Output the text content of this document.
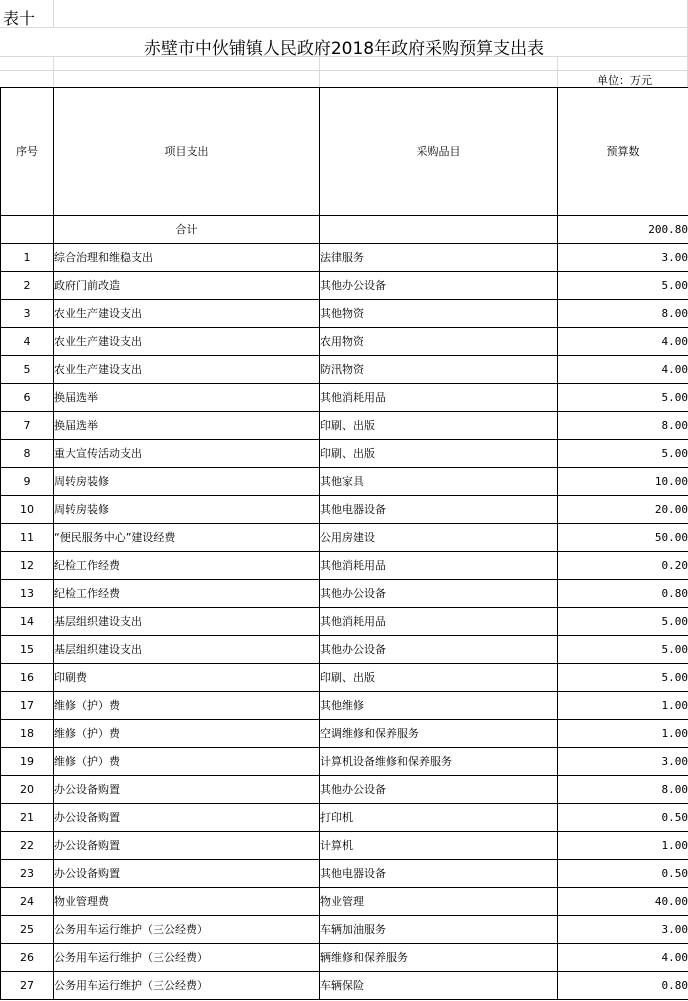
表十
赤壁市中伙铺镇人民政府2018年政府采购预算支出表
单位：万元
序号	项目支出	采购品目	预算数
	合计		200.80
1	综合治理和维稳支出	法律服务	3.00
2	政府门前改造	其他办公设备	5.00
3	农业生产建设支出	其他物资	8.00
4	农业生产建设支出	农用物资	4.00
5	农业生产建设支出	防汛物资	4.00
6	换届选举	其他消耗用品	5.00
7	换届选举	印刷、出版	8.00
8	重大宣传活动支出	印刷、出版	5.00
9	周转房装修	其他家具	10.00
10	周转房装修	其他电器设备	20.00
11	“便民服务中心”建设经费	公用房建设	50.00
12	纪检工作经费	其他消耗用品	0.20
13	纪检工作经费	其他办公设备	0.80
14	基层组织建设支出	其他消耗用品	5.00
15	基层组织建设支出	其他办公设备	5.00
16	印刷费	印刷、出版	5.00
17	维修（护）费	其他维修	1.00
18	维修（护）费	空调维修和保养服务	1.00
19	维修（护）费	计算机设备维修和保养服务	3.00
20	办公设备购置	其他办公设备	8.00
21	办公设备购置	打印机	0.50
22	办公设备购置	计算机	1.00
23	办公设备购置	其他电器设备	0.50
24	物业管理费	物业管理	40.00
25	公务用车运行维护（三公经费）	车辆加油服务	3.00
26	公务用车运行维护（三公经费）	辆维修和保养服务	4.00
27	公务用车运行维护（三公经费）	车辆保险	0.80
